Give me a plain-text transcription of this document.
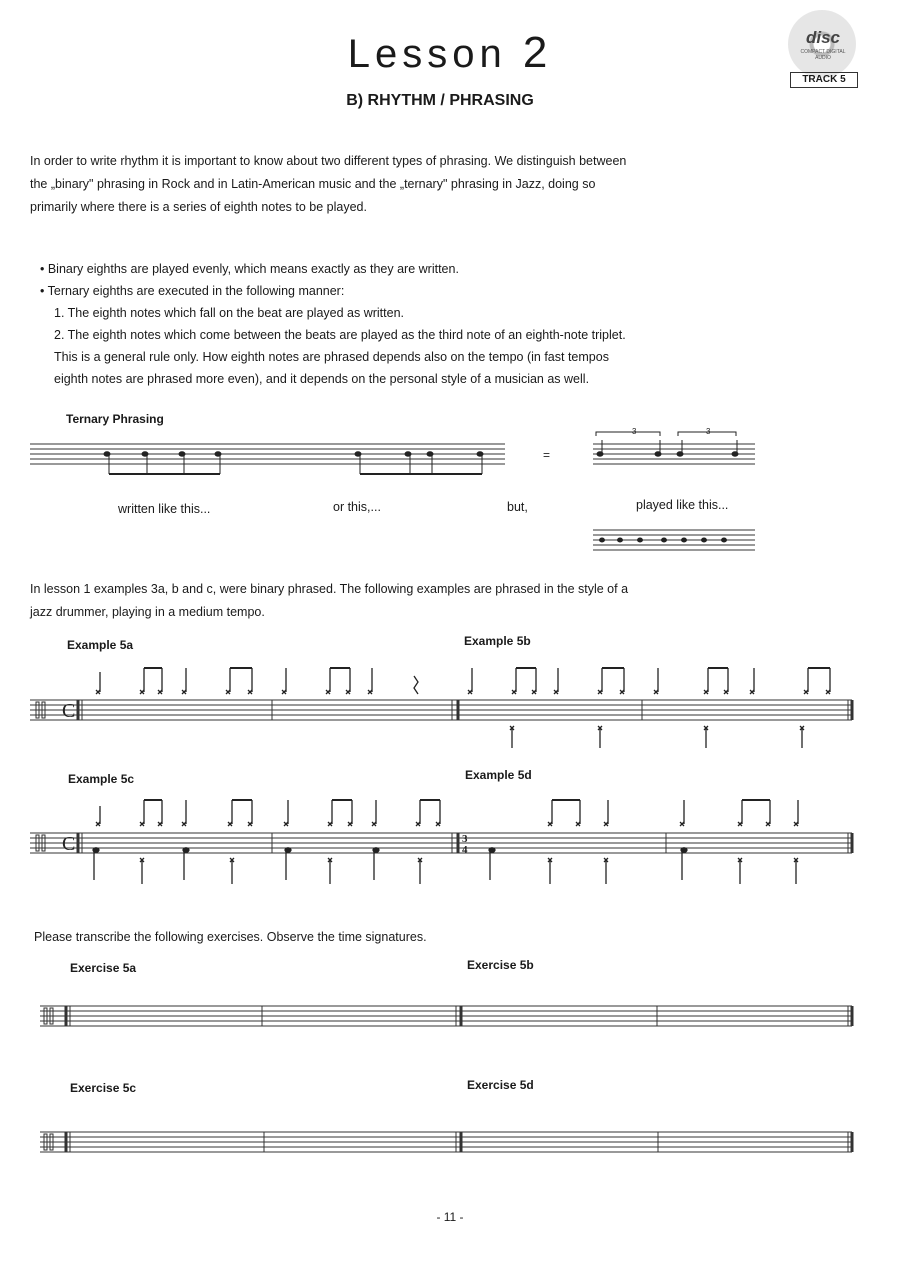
Lesson 2
B) RHYTHM / PHRASING
disc
COMPACT DIGITAL AUDIO
TRACK 5
In order to write rhythm it is important to know about two different types of phrasing. We distinguish between
the „binary" phrasing in Rock and in Latin-American music and the „ternary" phrasing in Jazz, doing so
primarily where there is a series of eighth notes to be played.
• Binary eighths are played evenly, which means exactly as they are written.
• Ternary eighths are executed in the following manner:
1. The eighth notes which fall on the beat are played as written.
2. The eighth notes which come between the beats are played as the third note of an eighth-note triplet.
This is a general rule only. How eighth notes are phrased depends also on the tempo (in fast tempos
eighth notes are phrased more even), and it depends on the personal style of a musician as well.
Ternary Phrasing
written like this...	or this,...	but,	played like this...
In lesson 1 examples 3a, b and c, were binary phrased. The following examples are phrased in the style of a
jazz drummer, playing in a medium tempo.
Example 5a	Example 5b
Example 5c	Example 5d
Please transcribe the following exercises. Observe the time signatures.
Exercise 5a	Exercise 5b
Exercise 5c	Exercise 5d
C
C	3
4
3	3
=
- 11 -
